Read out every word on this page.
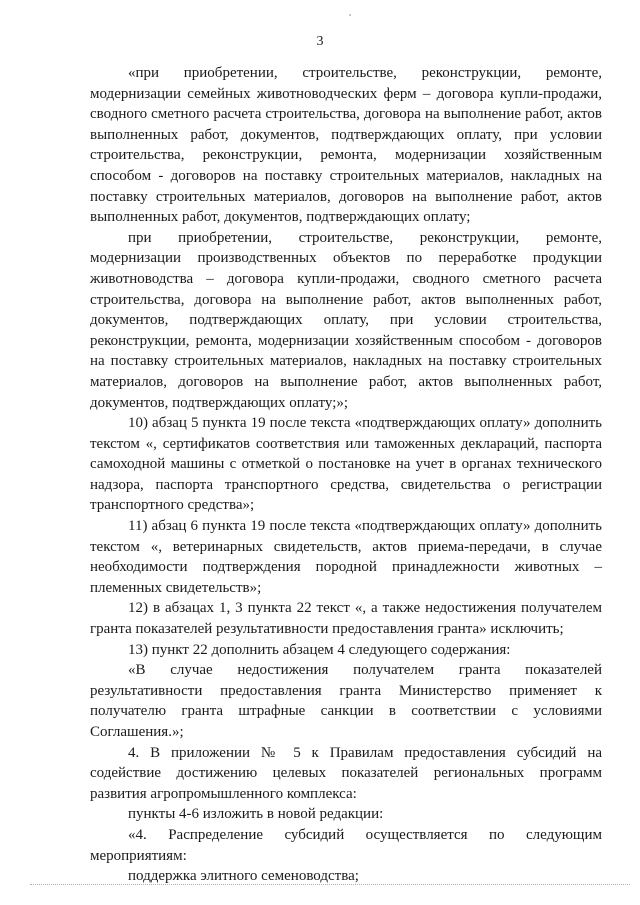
3

«при приобретении, строительстве, реконструкции, ремонте, модернизации семейных животноводческих ферм – договора купли-продажи, сводного сметного расчета строительства, договора на выполнение работ, актов выполненных работ, документов, подтверждающих оплату, при условии строительства, реконструкции, ремонта, модернизации хозяйственным способом - договоров на поставку строительных материалов, накладных на поставку строительных материалов, договоров на выполнение работ, актов выполненных работ, документов, подтверждающих оплату;

при приобретении, строительстве, реконструкции, ремонте, модернизации производственных объектов по переработке продукции животноводства – договора купли-продажи, сводного сметного расчета строительства, договора на выполнение работ, актов выполненных работ, документов, подтверждающих оплату, при условии строительства, реконструкции, ремонта, модернизации хозяйственным способом - договоров на поставку строительных материалов, накладных на поставку строительных материалов, договоров на выполнение работ, актов выполненных работ, документов, подтверждающих оплату;»;

10) абзац 5 пункта 19 после текста «подтверждающих оплату» дополнить текстом «, сертификатов соответствия или таможенных деклараций, паспорта самоходной машины с отметкой о постановке на учет в органах технического надзора, паспорта транспортного средства, свидетельства о регистрации транспортного средства»;

11) абзац 6 пункта 19 после текста «подтверждающих оплату» дополнить текстом «, ветеринарных свидетельств, актов приема-передачи, в случае необходимости подтверждения породной принадлежности животных – племенных свидетельств»;

12) в абзацах 1, 3 пункта 22 текст «, а также недостижения получателем гранта показателей результативности предоставления гранта» исключить;

13) пункт 22 дополнить абзацем 4 следующего содержания:

«В случае недостижения получателем гранта показателей результативности предоставления гранта Министерство применяет к получателю гранта штрафные санкции в соответствии с условиями Соглашения.»;

4. В приложении № 5 к Правилам предоставления субсидий на содействие достижению целевых показателей региональных программ развития агропромышленного комплекса:

пункты 4-6 изложить в новой редакции:

«4. Распределение субсидий осуществляется по следующим мероприятиям:

поддержка элитного семеноводства;
